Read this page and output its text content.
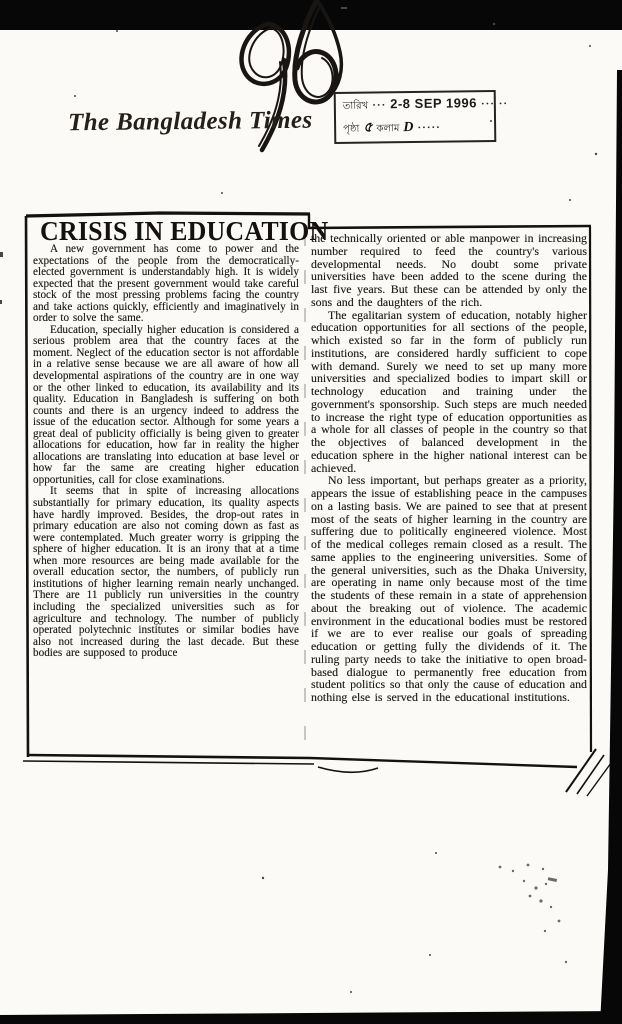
The Bangladesh Times
তারিখ ··· 2-8 SEP 1996 ··· ··
পৃষ্ঠা ৫ কলাম D ·····
CRISIS IN EDUCATION

A new government has come to power and the expectations of the people from the democratically-elected government is understandably high. It is widely expected that the present government would take careful stock of the most pressing problems facing the country and take actions quickly, efficiently and imaginatively in order to solve the same.

Education, specially higher education is considered a serious problem area that the country faces at the moment. Neglect of the education sector is not affordable in a relative sense because we are all aware of how all developmental aspirations of the country are in one way or the other linked to education, its availability and its quality. Education in Bangladesh is suffering on both counts and there is an urgency indeed to address the issue of the education sector. Although for some years a great deal of publicity officially is being given to greater allocations for education, how far in reality the higher allocations are translating into education at base level or how far the same are creating higher education opportunities, call for close examinations.

It seems that in spite of increasing allocations substantially for primary education, its quality aspects have hardly improved. Besides, the drop-out rates in primary education are also not coming down as fast as were contemplated. Much greater worry is gripping the sphere of higher education. It is an irony that at a time when more resources are being made available for the overall education sector, the numbers, of publicly run institutions of higher learning remain nearly unchanged. There are 11 publicly run universities in the country including the specialized universities such as for agriculture and technology. The number of publicly operated polytechnic institutes or similar bodies have also not increased during the last decade. But these bodies are supposed to produce

the technically oriented or able manpower in increasing number required to feed the country's various developmental needs. No doubt some private universities have been added to the scene during the last five years. But these can be attended by only the sons and the daughters of the rich.

The egalitarian system of education, notably higher education opportunities for all sections of the people, which existed so far in the form of publicly run institutions, are considered hardly sufficient to cope with demand. Surely we need to set up many more universities and specialized bodies to impart skill or technology education and training under the government's sponsorship. Such steps are much needed to increase the right type of education opportunities as a whole for all classes of people in the country so that the objectives of balanced development in the education sphere in the higher national interest can be achieved.

No less important, but perhaps greater as a priority, appears the issue of establishing peace in the campuses on a lasting basis. We are pained to see that at present most of the seats of higher learning in the country are suffering due to politically engineered violence. Most of the medical colleges remain closed as a result. The same applies to the engineering universities. Some of the general universities, such as the Dhaka University, are operating in name only because most of the time the students of these remain in a state of apprehension about the breaking out of violence. The academic environment in the educational bodies must be restored if we are to ever realise our goals of spreading education or getting fully the dividends of it. The ruling party needs to take the initiative to open broad-based dialogue to permanently free education from student politics so that only the cause of education and nothing else is served in the educational institutions.
